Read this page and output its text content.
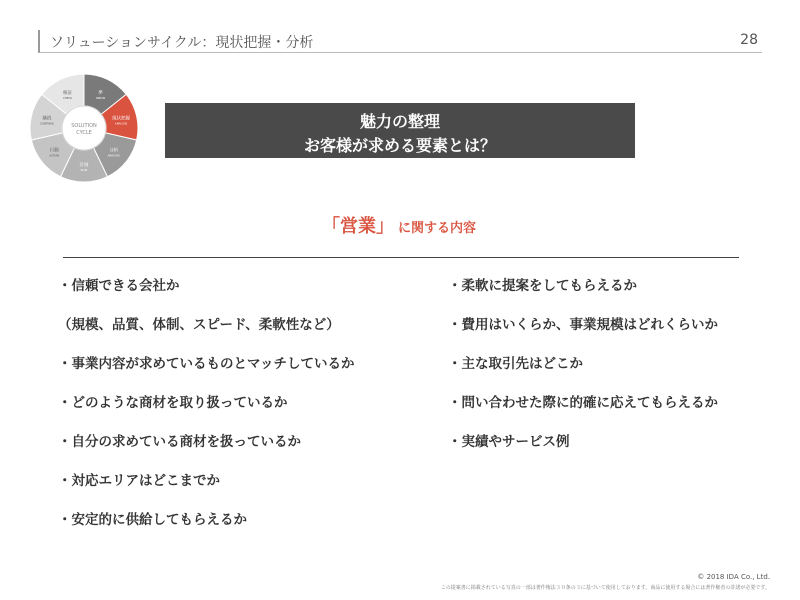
ソリューションサイクル：現状把握・分析	28
夢
DREAM
現状把握
ANALYSIS
分析
ANALYSIS
計画
PLAN
行動
ACTION
継続
CONTINUE
検証
CHECK
SOLUTION
CYCLE
魅力の整理
お客様が求める要素とは？
「営業」 に関する内容
・信頼できる会社か
（規模、品質、体制、スピード、柔軟性など）
・事業内容が求めているものとマッチしているか
・どのような商材を取り扱っているか
・自分の求めている商材を扱っているか
・対応エリアはどこまでか
・安定的に供給してもらえるか
・柔軟に提案をしてもらえるか
・費用はいくらか、事業規模はどれくらいか
・主な取引先はどこか
・問い合わせた際に的確に応えてもらえるか
・実績やサービス例
© 2018 IDA Co., Ltd.
この提案書に掲載されている写真の一部は著作権法３０条の３に基づいて使用しております。商品に使用する場合には著作権者の許諾が必要です。
